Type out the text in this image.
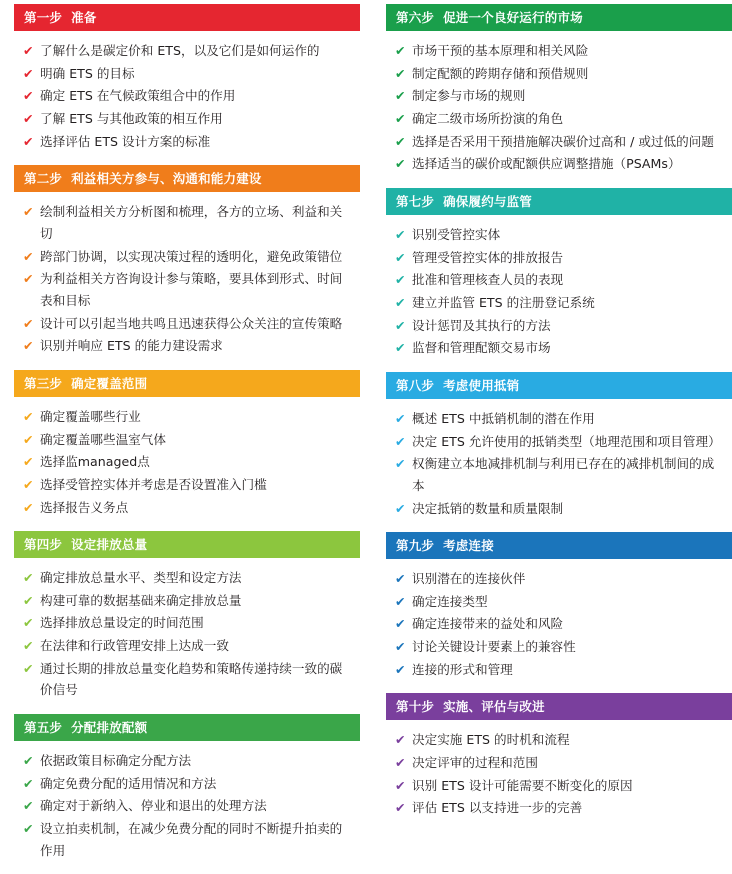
第一步 准备
✔ 了解什么是碳定价和 ETS，以及它们是如何运作的
✔ 明确 ETS 的目标
✔ 确定 ETS 在气候政策组合中的作用
✔ 了解 ETS 与其他政策的相互作用
✔ 选择评估 ETS 设计方案的标准
第二步 利益相关方参与、沟通和能力建设
✔ 绘制利益相关方分析图和梳理，各方的立场、利益和关切
✔ 跨部门协调，以实现决策过程的透明化，避免政策错位
✔ 为利益相关方咨询设计参与策略，要具体到形式、时间表和目标
✔ 设计可以引起当地共鸣且迅速获得公众关注的宣传策略
✔ 识别并响应 ETS 的能力建设需求
第三步 确定覆盖范围
✔ 确定覆盖哪些行业
✔ 确定覆盖哪些温室气体
✔ 选择监managed点
✔ 选择受管控实体并考虑是否设置准入门槛
✔ 选择报告义务点
第四步 设定排放总量
✔ 确定排放总量水平、类型和设定方法
✔ 构建可靠的数据基础来确定排放总量
✔ 选择排放总量设定的时间范围
✔ 在法律和行政管理安排上达成一致
✔ 通过长期的排放总量变化趋势和策略传递持续一致的碳价信号
第五步 分配排放配额
✔ 依据政策目标确定分配方法
✔ 确定免费分配的适用情况和方法
✔ 确定对于新纳入、停业和退出的处理方法
✔ 设立拍卖机制，在减少免费分配的同时不断提升拍卖的作用
第六步 促进一个良好运行的市场
✔ 市场干预的基本原理和相关风险
✔ 制定配额的跨期存储和预借规则
✔ 制定参与市场的规则
✔ 确定二级市场所扮演的角色
✔ 选择是否采用干预措施解决碳价过高和 / 或过低的问题
✔ 选择适当的碳价或配额供应调整措施（PSAMs）
第七步 确保履约与监管
✔ 识别受管控实体
✔ 管理受管控实体的排放报告
✔ 批准和管理核查人员的表现
✔ 建立并监管 ETS 的注册登记系统
✔ 设计惩罚及其执行的方法
✔ 监督和管理配额交易市场
第八步 考虑使用抵销
✔ 概述 ETS 中抵销机制的潜在作用
✔ 决定 ETS 允许使用的抵销类型（地理范围和项目管理）
✔ 权衡建立本地减排机制与利用已存在的减排机制间的成本
✔ 决定抵销的数量和质量限制
第九步 考虑连接
✔ 识别潜在的连接伙伴
✔ 确定连接类型
✔ 确定连接带来的益处和风险
✔ 讨论关键设计要素上的兼容性
✔ 连接的形式和管理
第十步 实施、评估与改进
✔ 决定实施 ETS 的时机和流程
✔ 决定评审的过程和范围
✔ 识别 ETS 设计可能需要不断变化的原因
✔ 评估 ETS 以支持进一步的完善
